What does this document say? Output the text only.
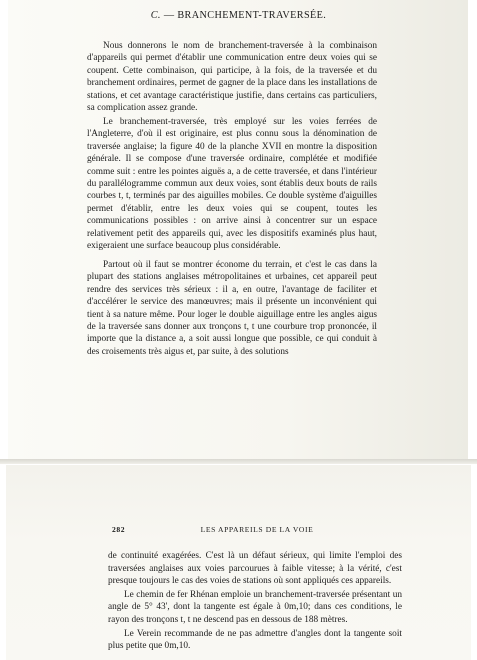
C. — BRANCHEMENT-TRAVERSÉE.

Nous donnerons le nom de branchement-traversée à la combinaison d'appareils qui permet d'établir une communication entre deux voies qui se coupent. Cette combinaison, qui participe, à la fois, de la traversée et du branchement ordinaires, permet de gagner de la place dans les installations de stations, et cet avantage caractéristique justifie, dans certains cas particuliers, sa complication assez grande.

Le branchement-traversée, très employé sur les voies ferrées de l'Angleterre, d'où il est originaire, est plus connu sous la dénomination de traversée anglaise; la figure 40 de la planche XVII en montre la disposition générale. Il se compose d'une traversée ordinaire, complétée et modifiée comme suit : entre les pointes aiguës a, a de cette traversée, et dans l'intérieur du parallélogramme commun aux deux voies, sont établis deux bouts de rails courbes t, t, terminés par des aiguilles mobiles. Ce double système d'aiguilles permet d'établir, entre les deux voies qui se coupent, toutes les communications possibles : on arrive ainsi à concentrer sur un espace relativement petit des appareils qui, avec les dispositifs examinés plus haut, exigeraient une surface beaucoup plus considérable.

Partout où il faut se montrer économe du terrain, et c'est le cas dans la plupart des stations anglaises métropolitaines et urbaines, cet appareil peut rendre des services très sérieux : il a, en outre, l'avantage de faciliter et d'accélérer le service des manœuvres; mais il présente un inconvénient qui tient à sa nature même. Pour loger le double aiguillage entre les angles aigus de la traversée sans donner aux tronçons t, t une courbure trop prononcée, il importe que la distance a, a soit aussi longue que possible, ce qui conduit à des croisements très aigus et, par suite, à des solutions

282	LES APPAREILS DE LA VOIE

de continuité exagérées. C'est là un défaut sérieux, qui limite l'emploi des traversées anglaises aux voies parcourues à faible vitesse; à la vérité, c'est presque toujours le cas des voies de stations où sont appliqués ces appareils.

Le chemin de fer Rhénan emploie un branchement-traversée présentant un angle de 5° 43', dont la tangente est égale à 0m,10; dans ces conditions, le rayon des tronçons t, t ne descend pas en dessous de 188 mètres.

Le Verein recommande de ne pas admettre d'angles dont la tangente soit plus petite que 0m,10.
